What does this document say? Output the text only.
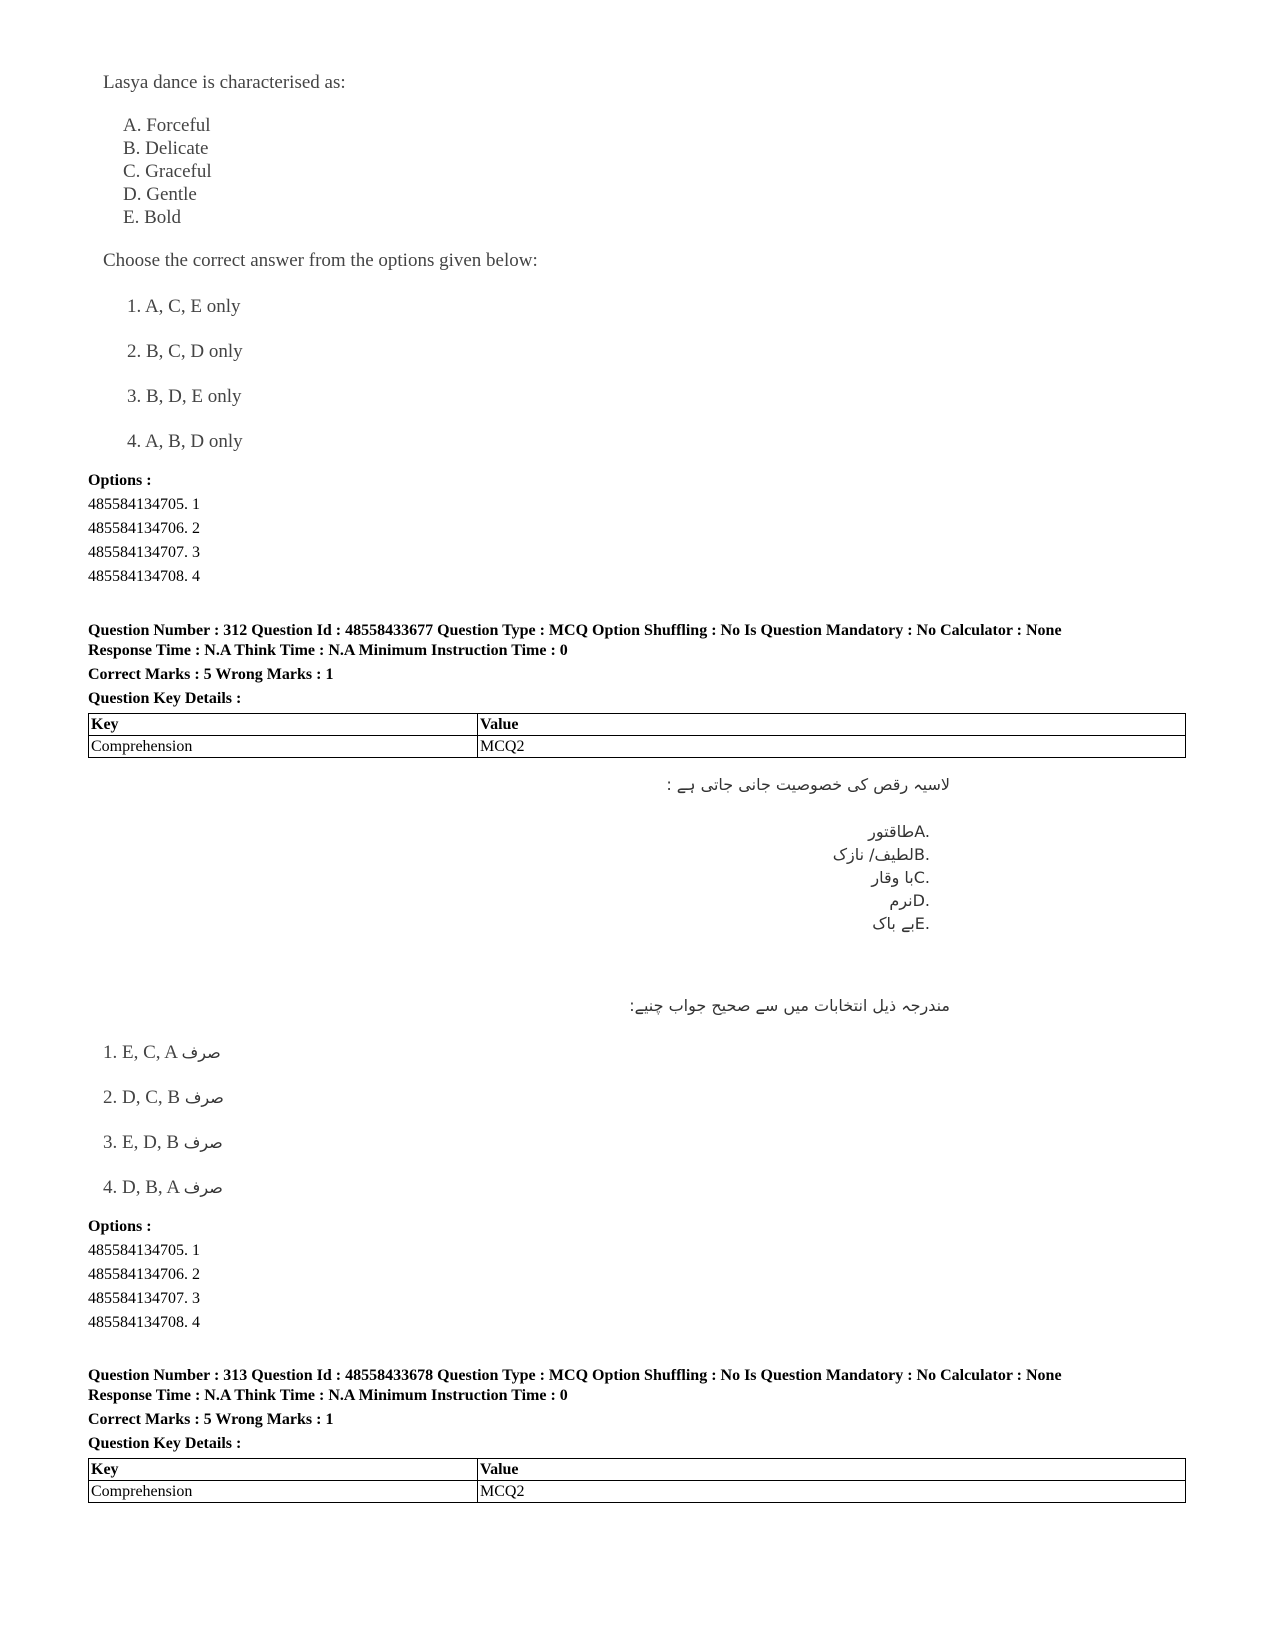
Lasya dance is characterised as:
A. Forceful
B. Delicate
C. Graceful
D. Gentle
E. Bold
Choose the correct answer from the options given below:
1. A, C, E only
2. B, C, D only
3. B, D, E only
4. A, B, D only
Options :
485584134705. 1
485584134706. 2
485584134707. 3
485584134708. 4
Question Number : 312 Question Id : 48558433677 Question Type : MCQ Option Shuffling : No Is Question Mandatory : No Calculator : None
Response Time : N.A Think Time : N.A Minimum Instruction Time : 0
Correct Marks : 5 Wrong Marks : 1
Question Key Details :
Key	Value
Comprehension	MCQ2
لاسیہ رقص کی خصوصیت جانی جاتی ہے :
طاقتورA.
لطیف/ نازکB.
با وقارC.
نرمD.
بے باکE.
مندرجہ ذیل انتخابات میں سے صحیح جواب چنیے:
1. E, C, A صرف
2. D, C, B صرف
3. E, D, B صرف
4. D, B, A صرف
Options :
485584134705. 1
485584134706. 2
485584134707. 3
485584134708. 4
Question Number : 313 Question Id : 48558433678 Question Type : MCQ Option Shuffling : No Is Question Mandatory : No Calculator : None
Response Time : N.A Think Time : N.A Minimum Instruction Time : 0
Correct Marks : 5 Wrong Marks : 1
Question Key Details :
Key	Value
Comprehension	MCQ2
